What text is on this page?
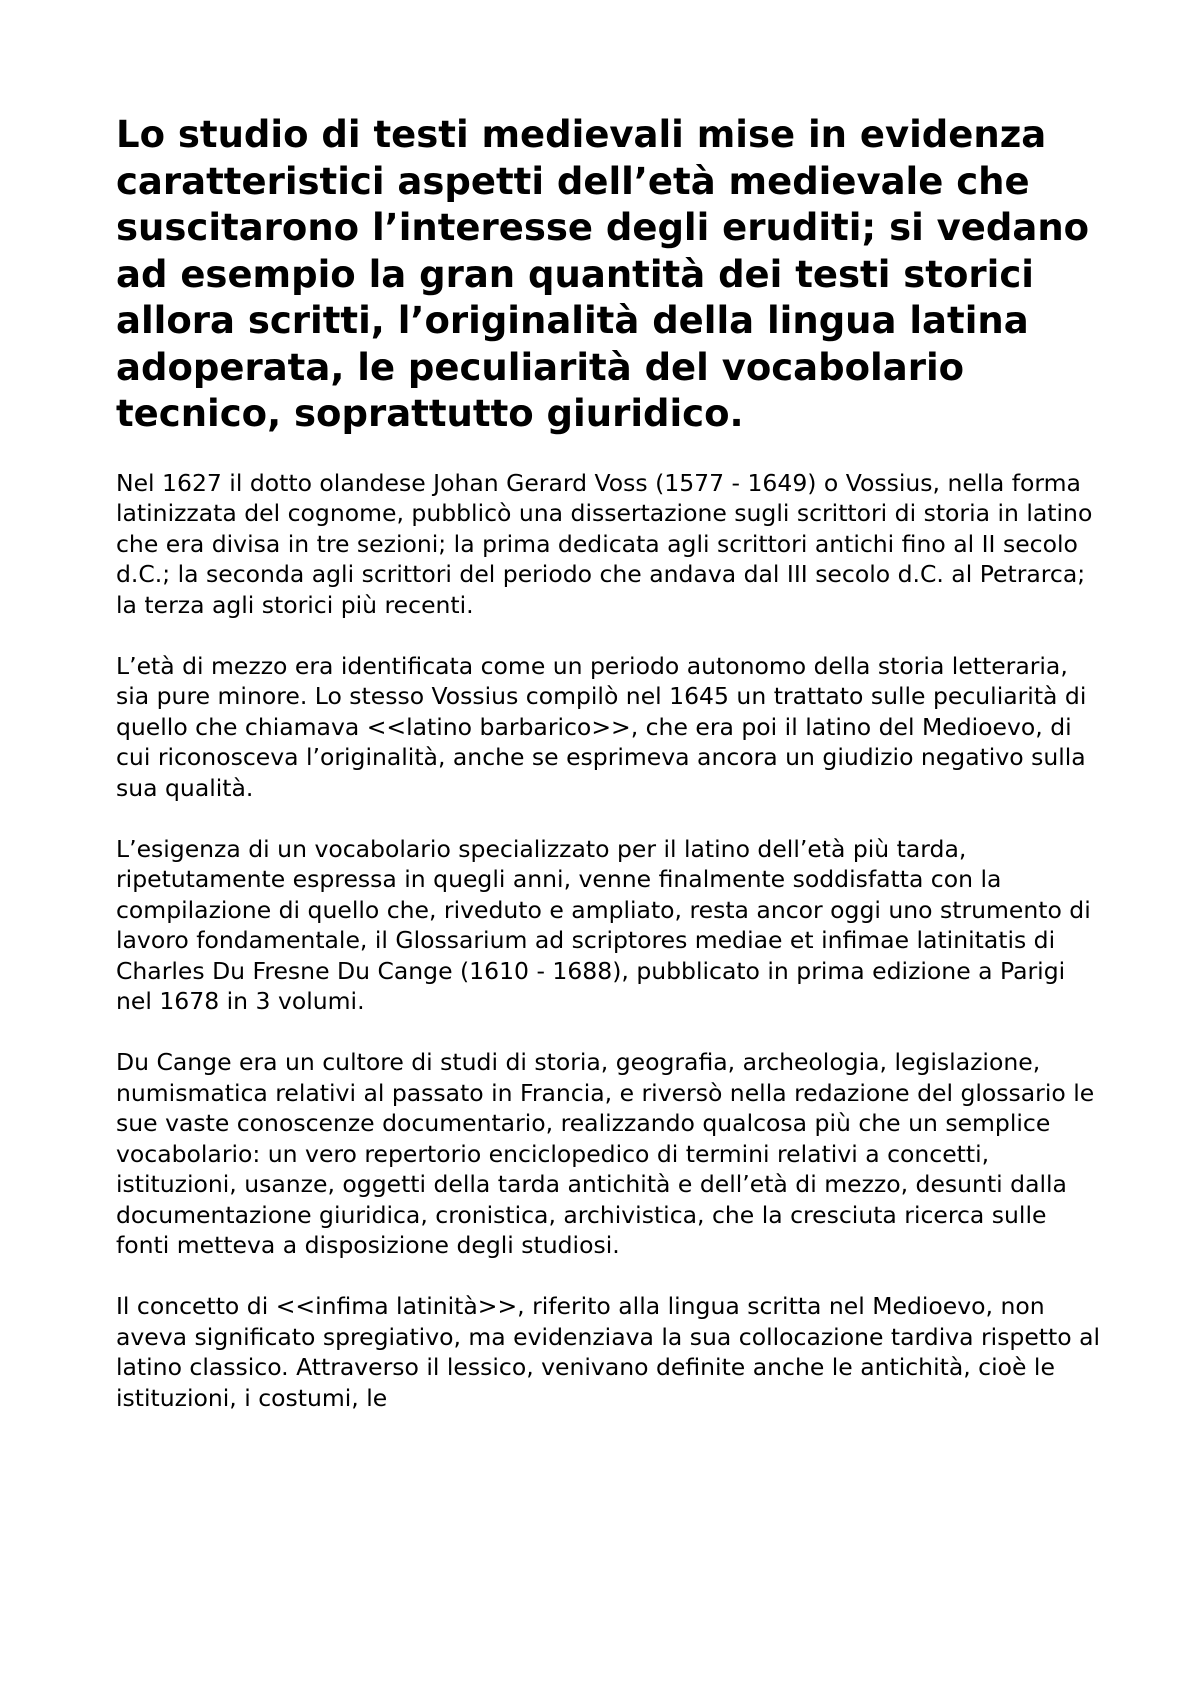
Lo studio di testi medievali mise in evidenza caratteristici aspetti dell’età medievale che suscitarono l’interesse degli eruditi; si vedano ad esempio la gran quantità dei testi storici allora scritti, l’originalità della lingua latina adoperata, le peculiarità del vocabolario tecnico, soprattutto giuridico.

Nel 1627 il dotto olandese Johan Gerard Voss (1577 - 1649) o Vossius, nella forma latinizzata del cognome, pubblicò una dissertazione sugli scrittori di storia in latino che era divisa in tre sezioni; la prima dedicata agli scrittori antichi fino al II secolo d.C.; la seconda agli scrittori del periodo che andava dal III secolo d.C. al Petrarca; la terza agli storici più recenti.

L’età di mezzo era identificata come un periodo autonomo della storia letteraria, sia pure minore. Lo stesso Vossius compilò nel 1645 un trattato sulle peculiarità di quello che chiamava <<latino barbarico>>, che era poi il latino del Medioevo, di cui riconosceva l’originalità, anche se esprimeva ancora un giudizio negativo sulla sua qualità.

L’esigenza di un vocabolario specializzato per il latino dell’età più tarda, ripetutamente espressa in quegli anni, venne finalmente soddisfatta con la compilazione di quello che, riveduto e ampliato, resta ancor oggi uno strumento di lavoro fondamentale, il Glossarium ad scriptores mediae et infimae latinitatis di Charles Du Fresne Du Cange (1610 - 1688), pubblicato in prima edizione a Parigi nel 1678 in 3 volumi.

Du Cange era un cultore di studi di storia, geografia, archeologia, legislazione, numismatica relativi al passato in Francia, e riversò nella redazione del glossario le sue vaste conoscenze documentario, realizzando qualcosa più che un semplice vocabolario: un vero repertorio enciclopedico di termini relativi a concetti, istituzioni, usanze, oggetti della tarda antichità e dell’età di mezzo, desunti dalla documentazione giuridica, cronistica, archivistica, che la cresciuta ricerca sulle fonti metteva a disposizione degli studiosi.

Il concetto di <<infima latinità>>, riferito alla lingua scritta nel Medioevo, non aveva significato spregiativo, ma evidenziava la sua collocazione tardiva rispetto al latino classico. Attraverso il lessico, venivano definite anche le antichità, cioè le istituzioni, i costumi, le
